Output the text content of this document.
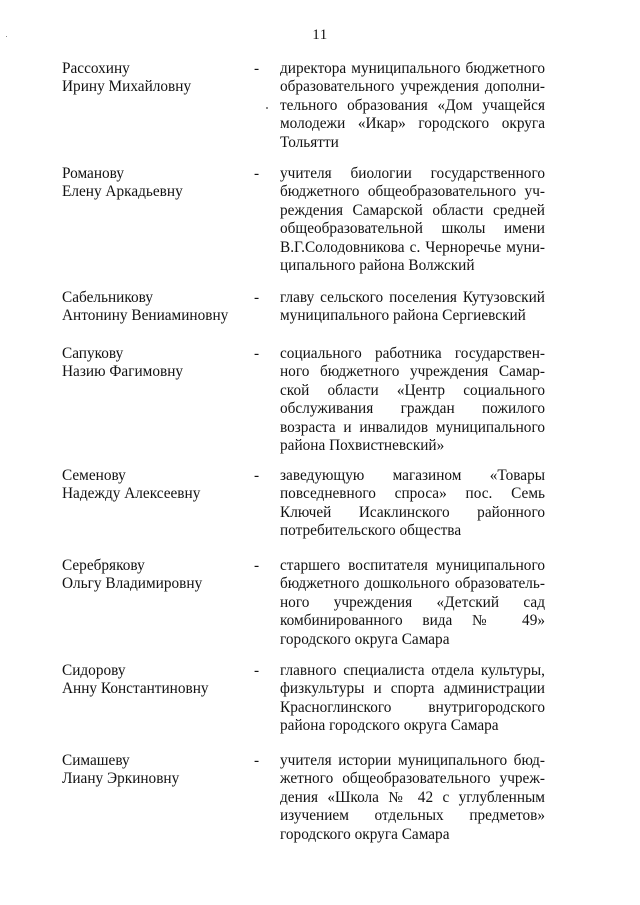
11
Рассохину
Ирину Михайловну
-	директора муниципального бюджетного
образовательного учреждения дополни-
тельного образования «Дом учащейся
молодежи «Икар» городского округа
Тольятти
Романову
Елену Аркадьевну
-	учителя биологии государственного
бюджетного общеобразовательного уч-
реждения Самарской области средней
общеобразовательной школы имени
В.Г.Солодовникова с. Черноречье муни-
ципального района Волжский
Сабельникову
Антонину Вениаминовну
-	главу сельского поселения Кутузовский
муниципального района Сергиевский
Сапукову
Назию Фагимовну
-	социального работника государствен-
ного бюджетного учреждения Самар-
ской области «Центр социального
обслуживания граждан пожилого
возраста и инвалидов муниципального
района Похвистневский»
Семенову
Надежду Алексеевну
-	заведующую магазином «Товары
повседневного спроса» пос. Семь
Ключей Исаклинского районного
потребительского общества
Серебрякову
Ольгу Владимировну
-	старшего воспитателя муниципального
бюджетного дошкольного образователь-
ного учреждения «Детский сад
комбинированного вида № 49»
городского округа Самара
Сидорову
Анну Константиновну
-	главного специалиста отдела культуры,
физкультуры и спорта администрации
Красноглинского внутригородского
района городского округа Самара
Симашеву
Лиану Эркиновну
-	учителя истории муниципального бюд-
жетного общеобразовательного учреж-
дения «Школа № 42 с углубленным
изучением отдельных предметов»
городского округа Самара
